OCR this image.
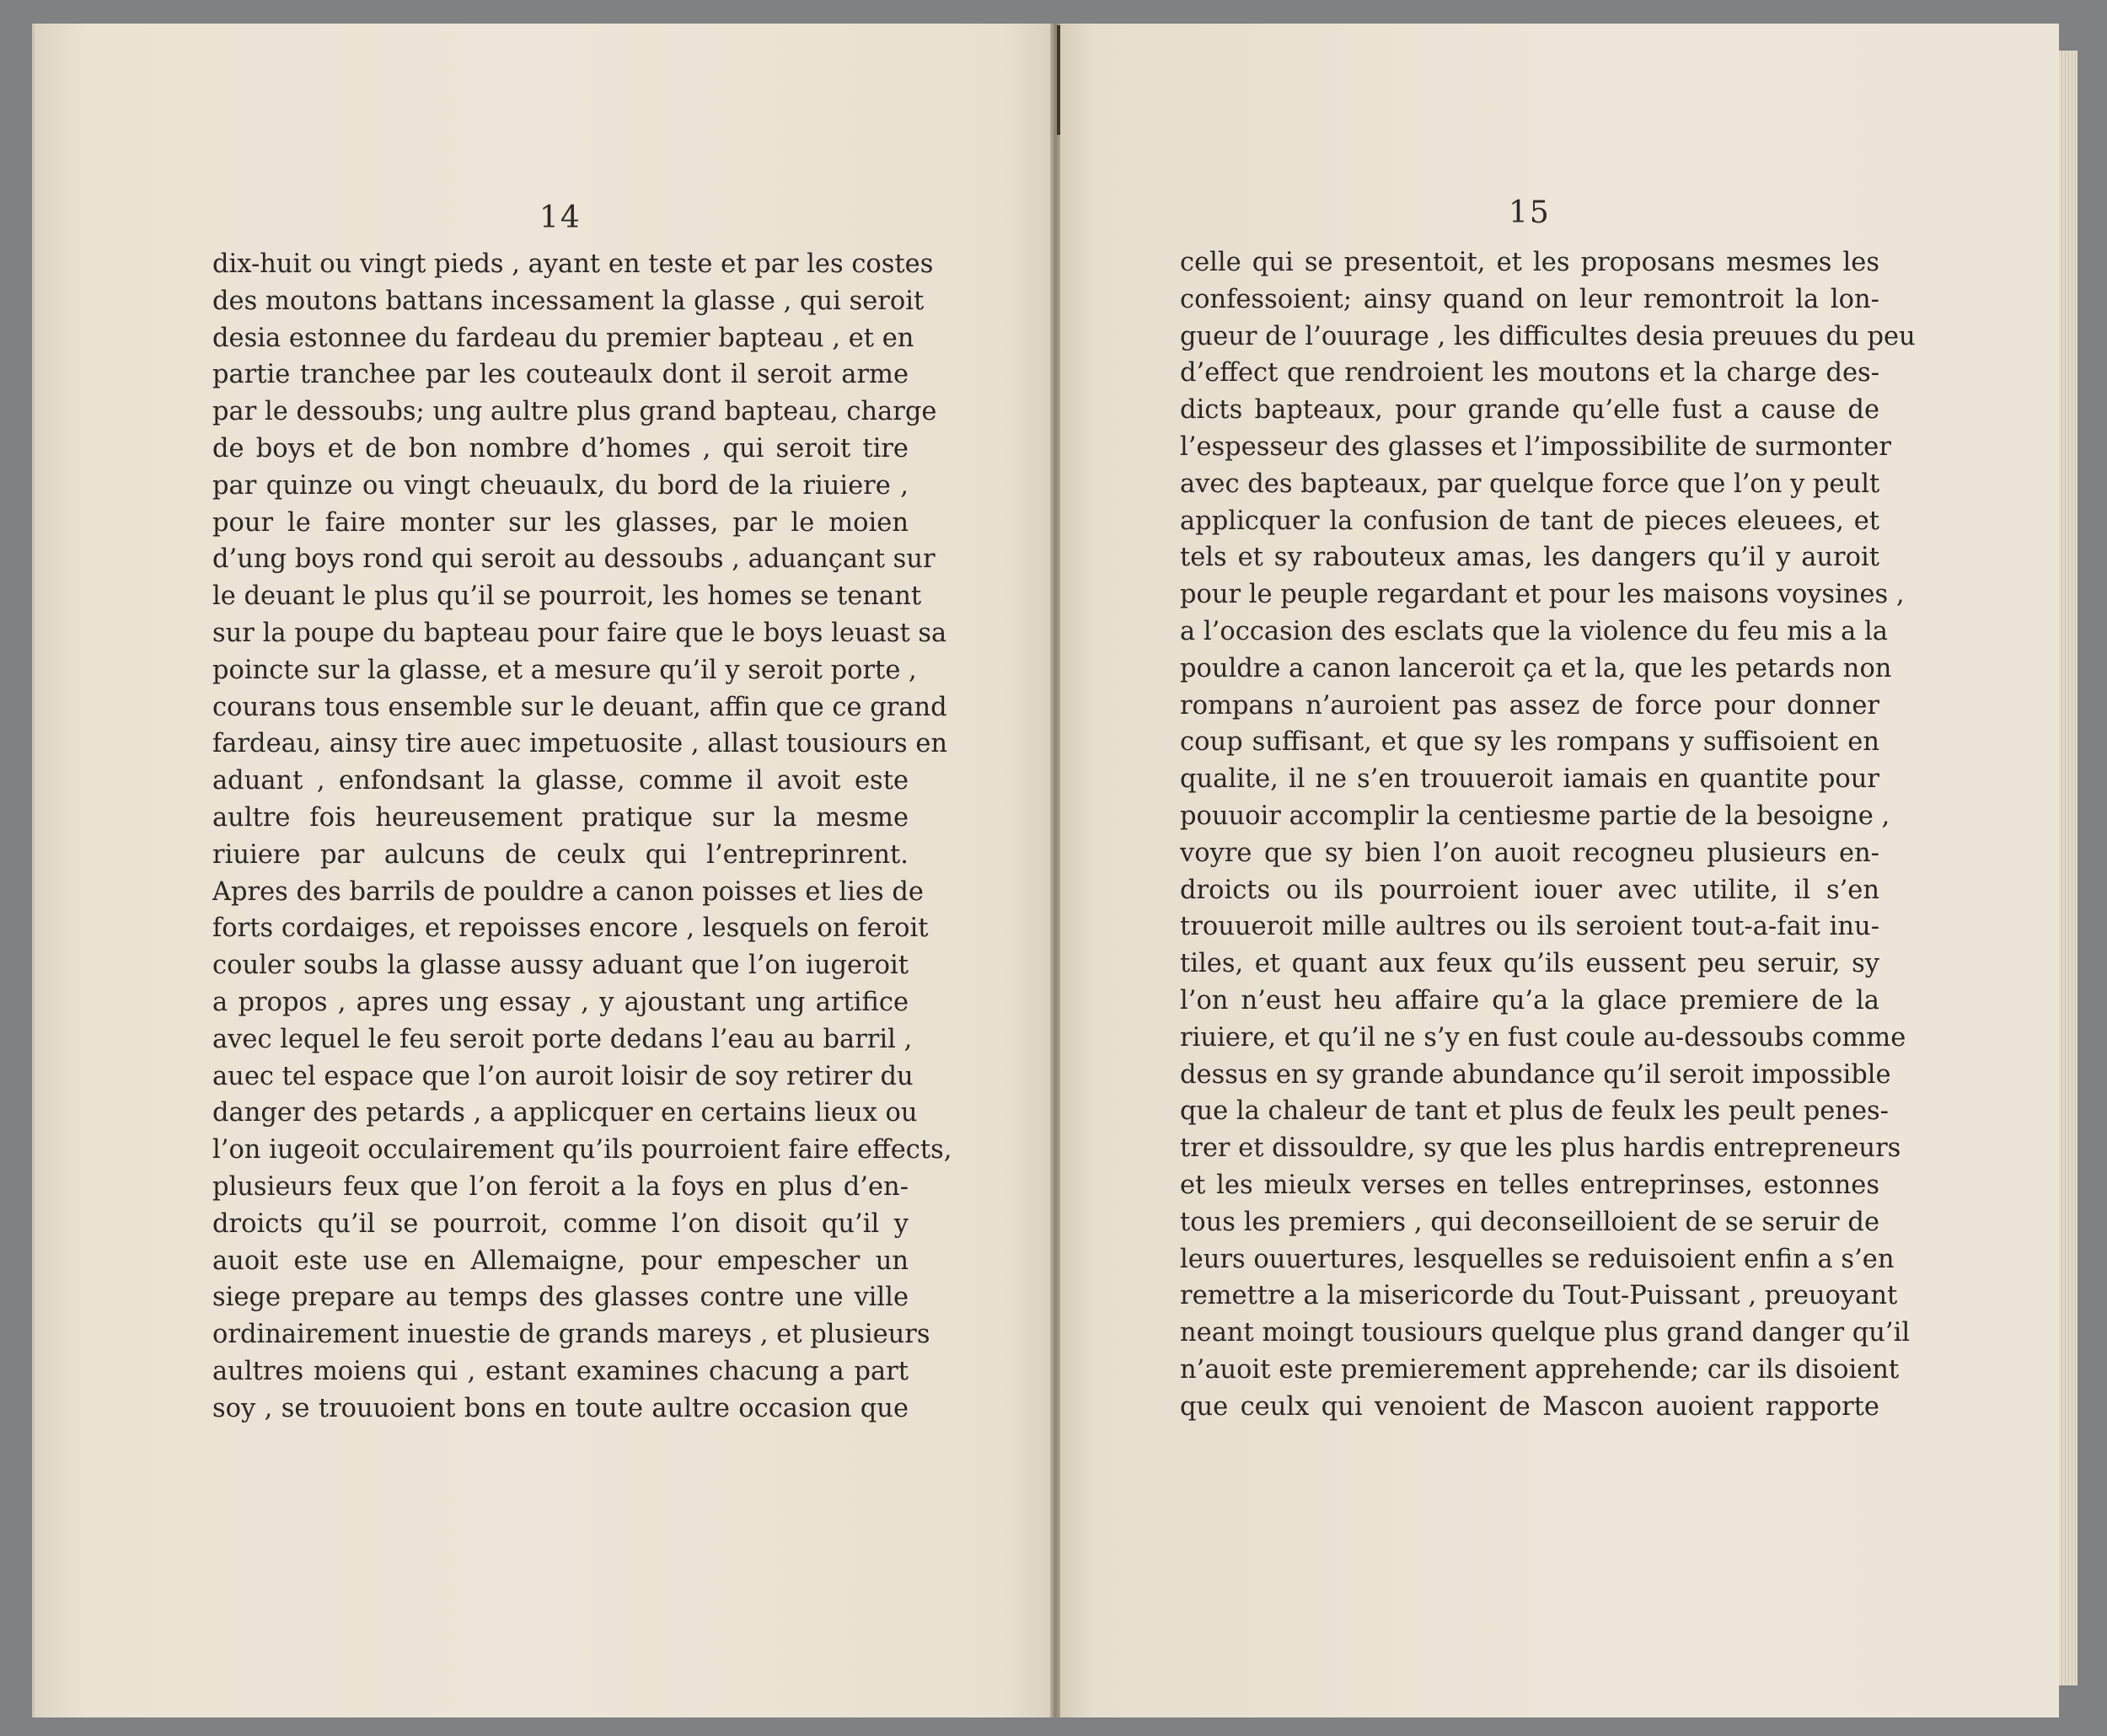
14	15
dix-huit ou vingt pieds , ayant en teste et par les costes
des moutons battans incessament la glasse , qui seroit
desia estonnee du fardeau du premier bapteau , et en
partie tranchee par les couteaulx dont il seroit arme
par le dessoubs; ung aultre plus grand bapteau, charge
de boys et de bon nombre d’homes , qui seroit tire
par quinze ou vingt cheuaulx, du bord de la riuiere ,
pour le faire monter sur les glasses, par le moien
d’ung boys rond qui seroit au dessoubs , aduançant sur
le deuant le plus qu’il se pourroit, les homes se tenant
sur la poupe du bapteau pour faire que le boys leuast sa
poincte sur la glasse, et a mesure qu’il y seroit porte ,
courans tous ensemble sur le deuant, affin que ce grand
fardeau, ainsy tire auec impetuosite , allast tousiours en
aduant , enfondsant la glasse, comme il avoit este
aultre fois heureusement pratique sur la mesme
riuiere par aulcuns de ceulx qui l’entreprinrent.
Apres des barrils de pouldre a canon poisses et lies de
forts cordaiges, et repoisses encore , lesquels on feroit
couler soubs la glasse aussy aduant que l’on iugeroit
a propos , apres ung essay , y ajoustant ung artifice
avec lequel le feu seroit porte dedans l’eau au barril ,
auec tel espace que l’on auroit loisir de soy retirer du
danger des petards , a applicquer en certains lieux ou
l’on iugeoit occulairement qu’ils pourroient faire effects,
plusieurs feux que l’on feroit a la foys en plus d’en-
droicts qu’il se pourroit, comme l’on disoit qu’il y
auoit este use en Allemaigne, pour empescher un
siege prepare au temps des glasses contre une ville
ordinairement inuestie de grands mareys , et plusieurs
aultres moiens qui , estant examines chacung a part
soy , se trouuoient bons en toute aultre occasion que
celle qui se presentoit, et les proposans mesmes les
confessoient; ainsy quand on leur remontroit la lon-
gueur de l’ouurage , les difficultes desia preuues du peu
d’effect que rendroient les moutons et la charge des-
dicts bapteaux, pour grande qu’elle fust a cause de
l’espesseur des glasses et l’impossibilite de surmonter
avec des bapteaux, par quelque force que l’on y peult
applicquer la confusion de tant de pieces eleuees, et
tels et sy rabouteux amas, les dangers qu’il y auroit
pour le peuple regardant et pour les maisons voysines ,
a l’occasion des esclats que la violence du feu mis a la
pouldre a canon lanceroit ça et la, que les petards non
rompans n’auroient pas assez de force pour donner
coup suffisant, et que sy les rompans y suffisoient en
qualite, il ne s’en trouueroit iamais en quantite pour
pouuoir accomplir la centiesme partie de la besoigne ,
voyre que sy bien l’on auoit recogneu plusieurs en-
droicts ou ils pourroient iouer avec utilite, il s’en
trouueroit mille aultres ou ils seroient tout-a-fait inu-
tiles, et quant aux feux qu’ils eussent peu seruir, sy
l’on n’eust heu affaire qu’a la glace premiere de la
riuiere, et qu’il ne s’y en fust coule au-dessoubs comme
dessus en sy grande abundance qu’il seroit impossible
que la chaleur de tant et plus de feulx les peult penes-
trer et dissouldre, sy que les plus hardis entrepreneurs
et les mieulx verses en telles entreprinses, estonnes
tous les premiers , qui deconseilloient de se seruir de
leurs ouuertures, lesquelles se reduisoient enfin a s’en
remettre a la misericorde du Tout-Puissant , preuoyant
neant moingt tousiours quelque plus grand danger qu’il
n’auoit este premierement apprehende; car ils disoient
que ceulx qui venoient de Mascon auoient rapporte
